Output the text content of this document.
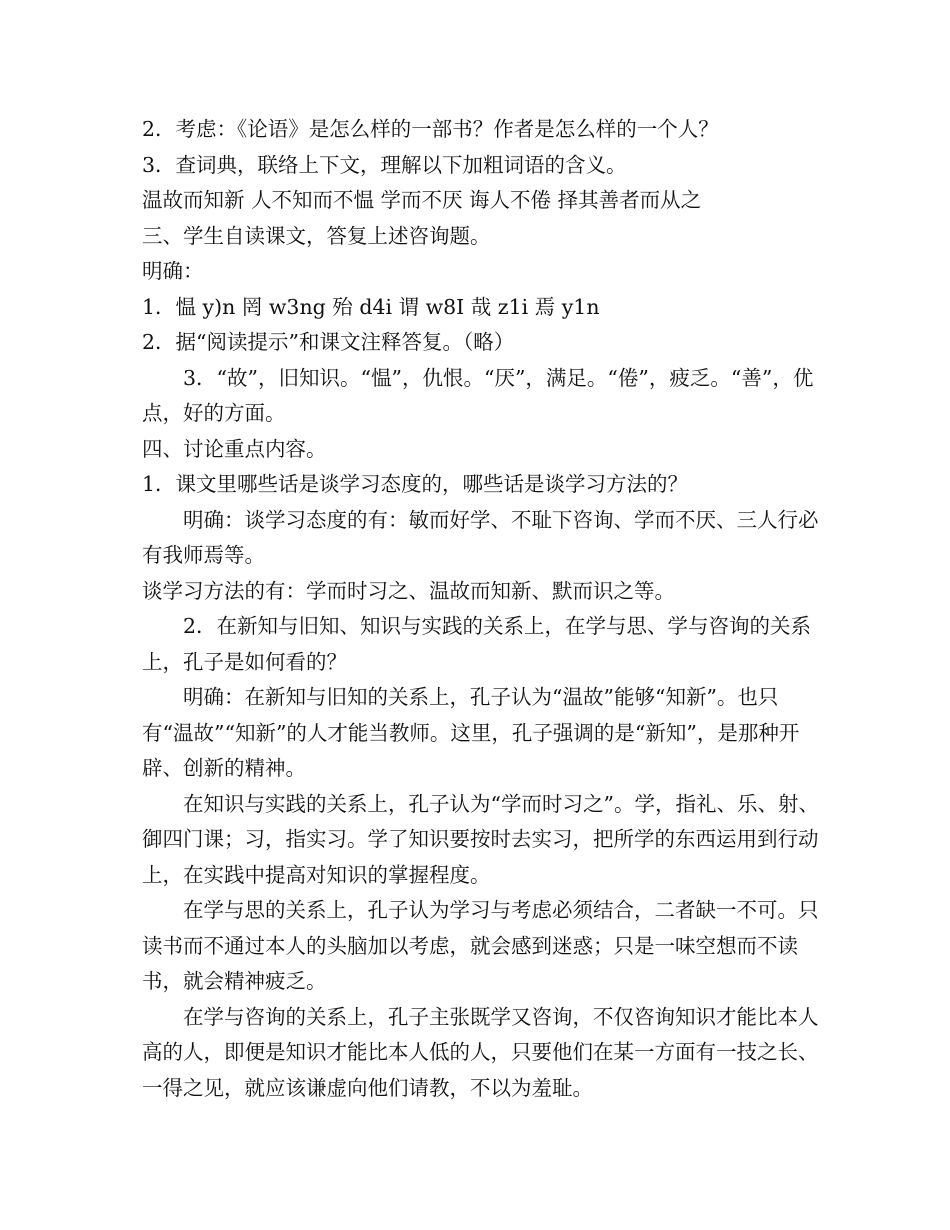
2．考虑：《论语》是怎么样的一部书？作者是怎么样的一个人？

3．查词典，联络上下文，理解以下加粗词语的含义。

温故而知新 人不知而不愠 学而不厌 诲人不倦 择其善者而从之

三、学生自读课文，答复上述咨询题。

明确：

1．愠 y)n 罔 w3ng 殆 d4i 谓 w8I 哉 z1i 焉 y1n

2．据“阅读提示”和课文注释答复。（略）

3．“故”，旧知识。“愠”，仇恨。“厌”，满足。“倦”，疲乏。“善”，优点，好的方面。

四、讨论重点内容。

1．课文里哪些话是谈学习态度的，哪些话是谈学习方法的？

明确：谈学习态度的有：敏而好学、不耻下咨询、学而不厌、三人行必有我师焉等。

谈学习方法的有：学而时习之、温故而知新、默而识之等。

2．在新知与旧知、知识与实践的关系上，在学与思、学与咨询的关系上，孔子是如何看的？

明确：在新知与旧知的关系上，孔子认为“温故”能够“知新”。也只有“温故”“知新”的人才能当教师。这里，孔子强调的是“新知”，是那种开辟、创新的精神。

在知识与实践的关系上，孔子认为“学而时习之”。学，指礼、乐、射、御四门课；习，指实习。学了知识要按时去实习，把所学的东西运用到行动上，在实践中提高对知识的掌握程度。

在学与思的关系上，孔子认为学习与考虑必须结合，二者缺一不可。只读书而不通过本人的头脑加以考虑，就会感到迷惑；只是一味空想而不读书，就会精神疲乏。

在学与咨询的关系上，孔子主张既学又咨询，不仅咨询知识才能比本人高的人，即便是知识才能比本人低的人，只要他们在某一方面有一技之长、一得之见，就应该谦虚向他们请教，不以为羞耻。
